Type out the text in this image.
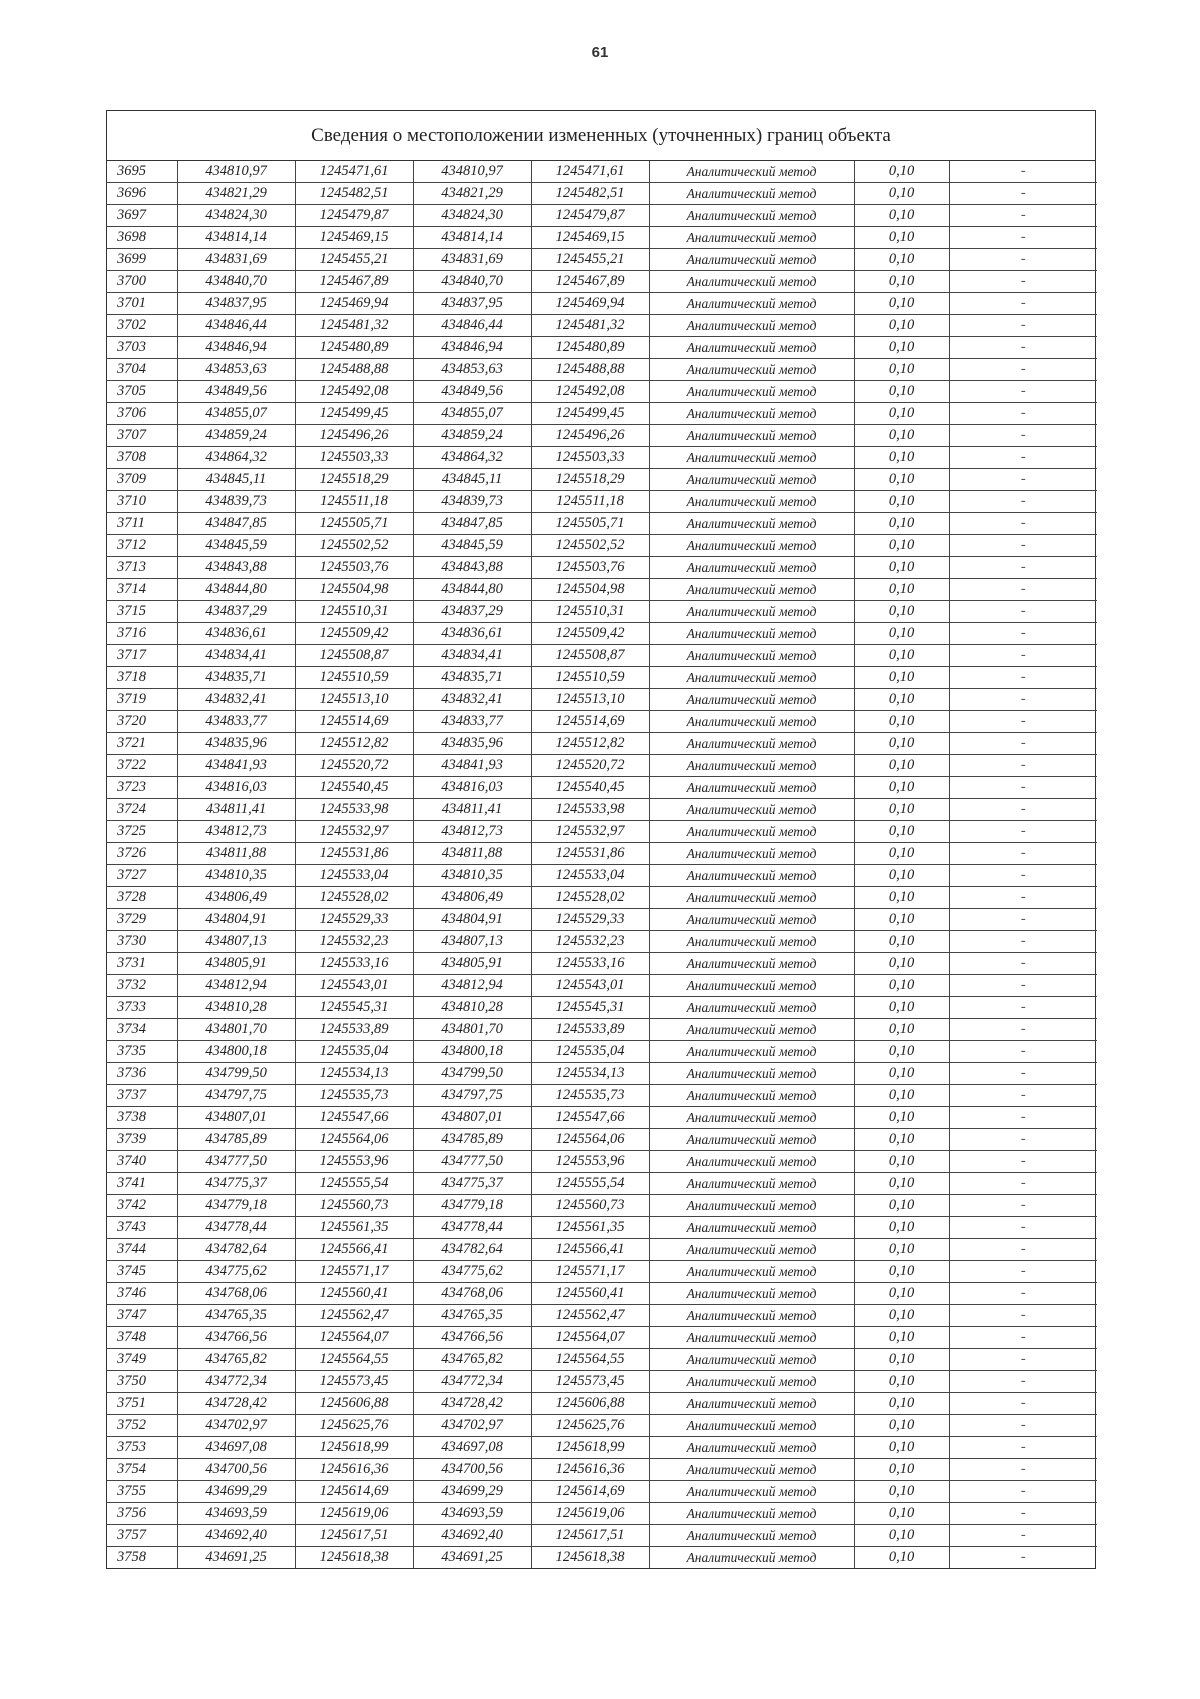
61
Сведения о местоположении измененных (уточненных) границ объекта
3695	434810,97	1245471,61	434810,97	1245471,61	Аналитический метод	0,10	-
3696	434821,29	1245482,51	434821,29	1245482,51	Аналитический метод	0,10	-
3697	434824,30	1245479,87	434824,30	1245479,87	Аналитический метод	0,10	-
3698	434814,14	1245469,15	434814,14	1245469,15	Аналитический метод	0,10	-
3699	434831,69	1245455,21	434831,69	1245455,21	Аналитический метод	0,10	-
3700	434840,70	1245467,89	434840,70	1245467,89	Аналитический метод	0,10	-
3701	434837,95	1245469,94	434837,95	1245469,94	Аналитический метод	0,10	-
3702	434846,44	1245481,32	434846,44	1245481,32	Аналитический метод	0,10	-
3703	434846,94	1245480,89	434846,94	1245480,89	Аналитический метод	0,10	-
3704	434853,63	1245488,88	434853,63	1245488,88	Аналитический метод	0,10	-
3705	434849,56	1245492,08	434849,56	1245492,08	Аналитический метод	0,10	-
3706	434855,07	1245499,45	434855,07	1245499,45	Аналитический метод	0,10	-
3707	434859,24	1245496,26	434859,24	1245496,26	Аналитический метод	0,10	-
3708	434864,32	1245503,33	434864,32	1245503,33	Аналитический метод	0,10	-
3709	434845,11	1245518,29	434845,11	1245518,29	Аналитический метод	0,10	-
3710	434839,73	1245511,18	434839,73	1245511,18	Аналитический метод	0,10	-
3711	434847,85	1245505,71	434847,85	1245505,71	Аналитический метод	0,10	-
3712	434845,59	1245502,52	434845,59	1245502,52	Аналитический метод	0,10	-
3713	434843,88	1245503,76	434843,88	1245503,76	Аналитический метод	0,10	-
3714	434844,80	1245504,98	434844,80	1245504,98	Аналитический метод	0,10	-
3715	434837,29	1245510,31	434837,29	1245510,31	Аналитический метод	0,10	-
3716	434836,61	1245509,42	434836,61	1245509,42	Аналитический метод	0,10	-
3717	434834,41	1245508,87	434834,41	1245508,87	Аналитический метод	0,10	-
3718	434835,71	1245510,59	434835,71	1245510,59	Аналитический метод	0,10	-
3719	434832,41	1245513,10	434832,41	1245513,10	Аналитический метод	0,10	-
3720	434833,77	1245514,69	434833,77	1245514,69	Аналитический метод	0,10	-
3721	434835,96	1245512,82	434835,96	1245512,82	Аналитический метод	0,10	-
3722	434841,93	1245520,72	434841,93	1245520,72	Аналитический метод	0,10	-
3723	434816,03	1245540,45	434816,03	1245540,45	Аналитический метод	0,10	-
3724	434811,41	1245533,98	434811,41	1245533,98	Аналитический метод	0,10	-
3725	434812,73	1245532,97	434812,73	1245532,97	Аналитический метод	0,10	-
3726	434811,88	1245531,86	434811,88	1245531,86	Аналитический метод	0,10	-
3727	434810,35	1245533,04	434810,35	1245533,04	Аналитический метод	0,10	-
3728	434806,49	1245528,02	434806,49	1245528,02	Аналитический метод	0,10	-
3729	434804,91	1245529,33	434804,91	1245529,33	Аналитический метод	0,10	-
3730	434807,13	1245532,23	434807,13	1245532,23	Аналитический метод	0,10	-
3731	434805,91	1245533,16	434805,91	1245533,16	Аналитический метод	0,10	-
3732	434812,94	1245543,01	434812,94	1245543,01	Аналитический метод	0,10	-
3733	434810,28	1245545,31	434810,28	1245545,31	Аналитический метод	0,10	-
3734	434801,70	1245533,89	434801,70	1245533,89	Аналитический метод	0,10	-
3735	434800,18	1245535,04	434800,18	1245535,04	Аналитический метод	0,10	-
3736	434799,50	1245534,13	434799,50	1245534,13	Аналитический метод	0,10	-
3737	434797,75	1245535,73	434797,75	1245535,73	Аналитический метод	0,10	-
3738	434807,01	1245547,66	434807,01	1245547,66	Аналитический метод	0,10	-
3739	434785,89	1245564,06	434785,89	1245564,06	Аналитический метод	0,10	-
3740	434777,50	1245553,96	434777,50	1245553,96	Аналитический метод	0,10	-
3741	434775,37	1245555,54	434775,37	1245555,54	Аналитический метод	0,10	-
3742	434779,18	1245560,73	434779,18	1245560,73	Аналитический метод	0,10	-
3743	434778,44	1245561,35	434778,44	1245561,35	Аналитический метод	0,10	-
3744	434782,64	1245566,41	434782,64	1245566,41	Аналитический метод	0,10	-
3745	434775,62	1245571,17	434775,62	1245571,17	Аналитический метод	0,10	-
3746	434768,06	1245560,41	434768,06	1245560,41	Аналитический метод	0,10	-
3747	434765,35	1245562,47	434765,35	1245562,47	Аналитический метод	0,10	-
3748	434766,56	1245564,07	434766,56	1245564,07	Аналитический метод	0,10	-
3749	434765,82	1245564,55	434765,82	1245564,55	Аналитический метод	0,10	-
3750	434772,34	1245573,45	434772,34	1245573,45	Аналитический метод	0,10	-
3751	434728,42	1245606,88	434728,42	1245606,88	Аналитический метод	0,10	-
3752	434702,97	1245625,76	434702,97	1245625,76	Аналитический метод	0,10	-
3753	434697,08	1245618,99	434697,08	1245618,99	Аналитический метод	0,10	-
3754	434700,56	1245616,36	434700,56	1245616,36	Аналитический метод	0,10	-
3755	434699,29	1245614,69	434699,29	1245614,69	Аналитический метод	0,10	-
3756	434693,59	1245619,06	434693,59	1245619,06	Аналитический метод	0,10	-
3757	434692,40	1245617,51	434692,40	1245617,51	Аналитический метод	0,10	-
3758	434691,25	1245618,38	434691,25	1245618,38	Аналитический метод	0,10	-
